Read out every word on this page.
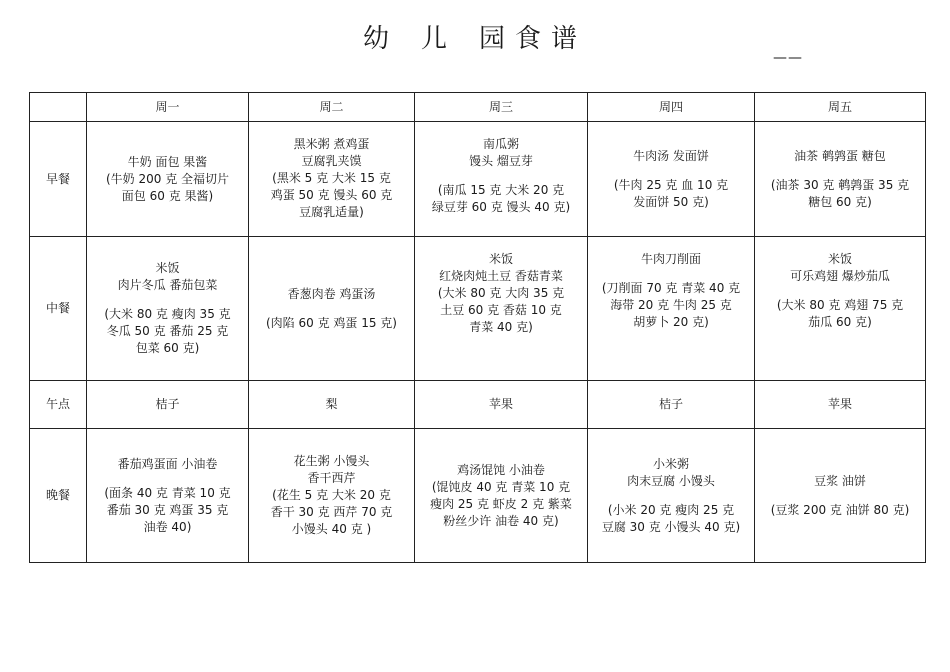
幼 儿 园食谱
——
	周一	周二	周三	周四	周五
早餐	牛奶 面包 果酱
(牛奶 200 克 全福切片
面包 60 克 果酱)	黑米粥 煮鸡蛋
豆腐乳夹馍
(黑米 5 克 大米 15 克
鸡蛋 50 克 馒头 60 克
豆腐乳适量)	南瓜粥
馒头 熘豆芽
(南瓜 15 克 大米 20 克
绿豆芽 60 克 馒头 40 克)	牛肉汤 发面饼
(牛肉 25 克 血 10 克
发面饼 50 克)	油茶 鹌鹑蛋 糖包
(油茶 30 克 鹌鹑蛋 35 克
糖包 60 克)

中餐	米饭
肉片冬瓜 番茄包菜
(大米 80 克 瘦肉 35 克
冬瓜 50 克 番茄 25 克
包菜 60 克)	香葱肉卷 鸡蛋汤
(肉陷 60 克 鸡蛋 15 克)	米饭
红烧肉炖土豆 香菇青菜
(大米 80 克 大肉 35 克
土豆 60 克 香菇 10 克
青菜 40 克)	牛肉刀削面
(刀削面 70 克 青菜 40 克
海带 20 克 牛肉 25 克
胡萝卜 20 克)	米饭
可乐鸡翅 爆炒茄瓜
(大米 80 克 鸡翅 75 克
茄瓜 60 克)

午点	桔子	梨	苹果	桔子	苹果
晚餐	番茄鸡蛋面 小油卷
(面条 40 克 青菜 10 克
番茄 30 克 鸡蛋 35 克
油卷 40)	花生粥 小馒头
香干西芹
(花生 5 克 大米 20 克
香干 30 克 西芹 70 克
小馒头 40 克 )	鸡汤馄饨 小油卷
(馄饨皮 40 克 青菜 10 克
瘦肉 25 克 虾皮 2 克 紫菜
粉丝少许 油卷 40 克)	小米粥
肉末豆腐 小馒头
(小米 20 克 瘦肉 25 克
豆腐 30 克 小馒头 40 克)	豆浆 油饼
(豆浆 200 克 油饼 80 克)
